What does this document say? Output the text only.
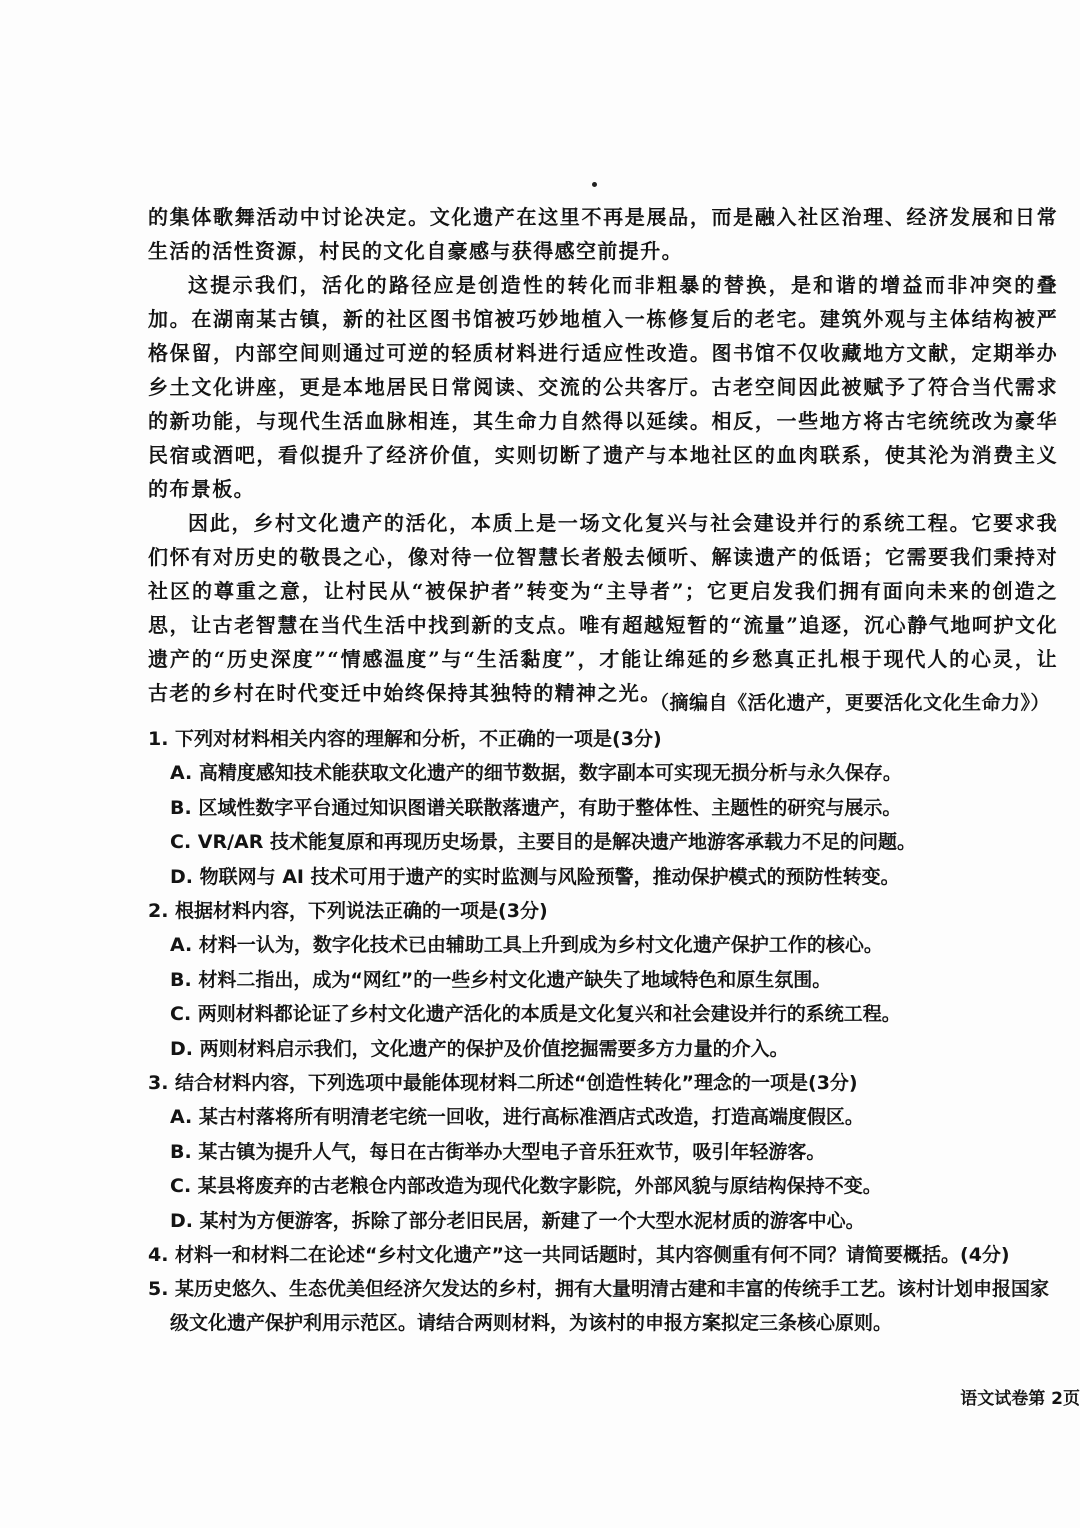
的集体歌舞活动中讨论决定。文化遗产在这里不再是展品，而是融入社区治理、经济发展和日常生活的活性资源，村民的文化自豪感与获得感空前提升。

这提示我们，活化的路径应是创造性的转化而非粗暴的替换，是和谐的增益而非冲突的叠加。在湖南某古镇，新的社区图书馆被巧妙地植入一栋修复后的老宅。建筑外观与主体结构被严格保留，内部空间则通过可逆的轻质材料进行适应性改造。图书馆不仅收藏地方文献，定期举办乡土文化讲座，更是本地居民日常阅读、交流的公共客厅。古老空间因此被赋予了符合当代需求的新功能，与现代生活血脉相连，其生命力自然得以延续。相反，一些地方将古宅统统改为豪华民宿或酒吧，看似提升了经济价值，实则切断了遗产与本地社区的血肉联系，使其沦为消费主义的布景板。

因此，乡村文化遗产的活化，本质上是一场文化复兴与社会建设并行的系统工程。它要求我们怀有对历史的敬畏之心，像对待一位智慧长者般去倾听、解读遗产的低语；它需要我们秉持对社区的尊重之意，让村民从“被保护者”转变为“主导者”；它更启发我们拥有面向未来的创造之思，让古老智慧在当代生活中找到新的支点。唯有超越短暂的“流量”追逐，沉心静气地呵护文化遗产的“历史深度”“情感温度”与“生活黏度”，才能让绵延的乡愁真正扎根于现代人的心灵，让古老的乡村在时代变迁中始终保持其独特的精神之光。

（摘编自《活化遗产，更要活化文化生命力》）

1. 下列对材料相关内容的理解和分析，不正确的一项是(3分)

A. 高精度感知技术能获取文化遗产的细节数据，数字副本可实现无损分析与永久保存。

B. 区域性数字平台通过知识图谱关联散落遗产，有助于整体性、主题性的研究与展示。

C. VR/AR 技术能复原和再现历史场景，主要目的是解决遗产地游客承载力不足的问题。

D. 物联网与 AI 技术可用于遗产的实时监测与风险预警，推动保护模式的预防性转变。

2. 根据材料内容，下列说法正确的一项是(3分)

A. 材料一认为，数字化技术已由辅助工具上升到成为乡村文化遗产保护工作的核心。

B. 材料二指出，成为“网红”的一些乡村文化遗产缺失了地域特色和原生氛围。

C. 两则材料都论证了乡村文化遗产活化的本质是文化复兴和社会建设并行的系统工程。

D. 两则材料启示我们，文化遗产的保护及价值挖掘需要多方力量的介入。

3. 结合材料内容，下列选项中最能体现材料二所述“创造性转化”理念的一项是(3分)

A. 某古村落将所有明清老宅统一回收，进行高标准酒店式改造，打造高端度假区。

B. 某古镇为提升人气，每日在古街举办大型电子音乐狂欢节，吸引年轻游客。

C. 某县将废弃的古老粮仓内部改造为现代化数字影院，外部风貌与原结构保持不变。

D. 某村为方便游客，拆除了部分老旧民居，新建了一个大型水泥材质的游客中心。

4. 材料一和材料二在论述“乡村文化遗产”这一共同话题时，其内容侧重有何不同？请简要概括。(4分)

5. 某历史悠久、生态优美但经济欠发达的乡村，拥有大量明清古建和丰富的传统手工艺。该村计划申报国家级文化遗产保护利用示范区。请结合两则材料，为该村的申报方案拟定三条核心原则。

语文试卷第 2页
